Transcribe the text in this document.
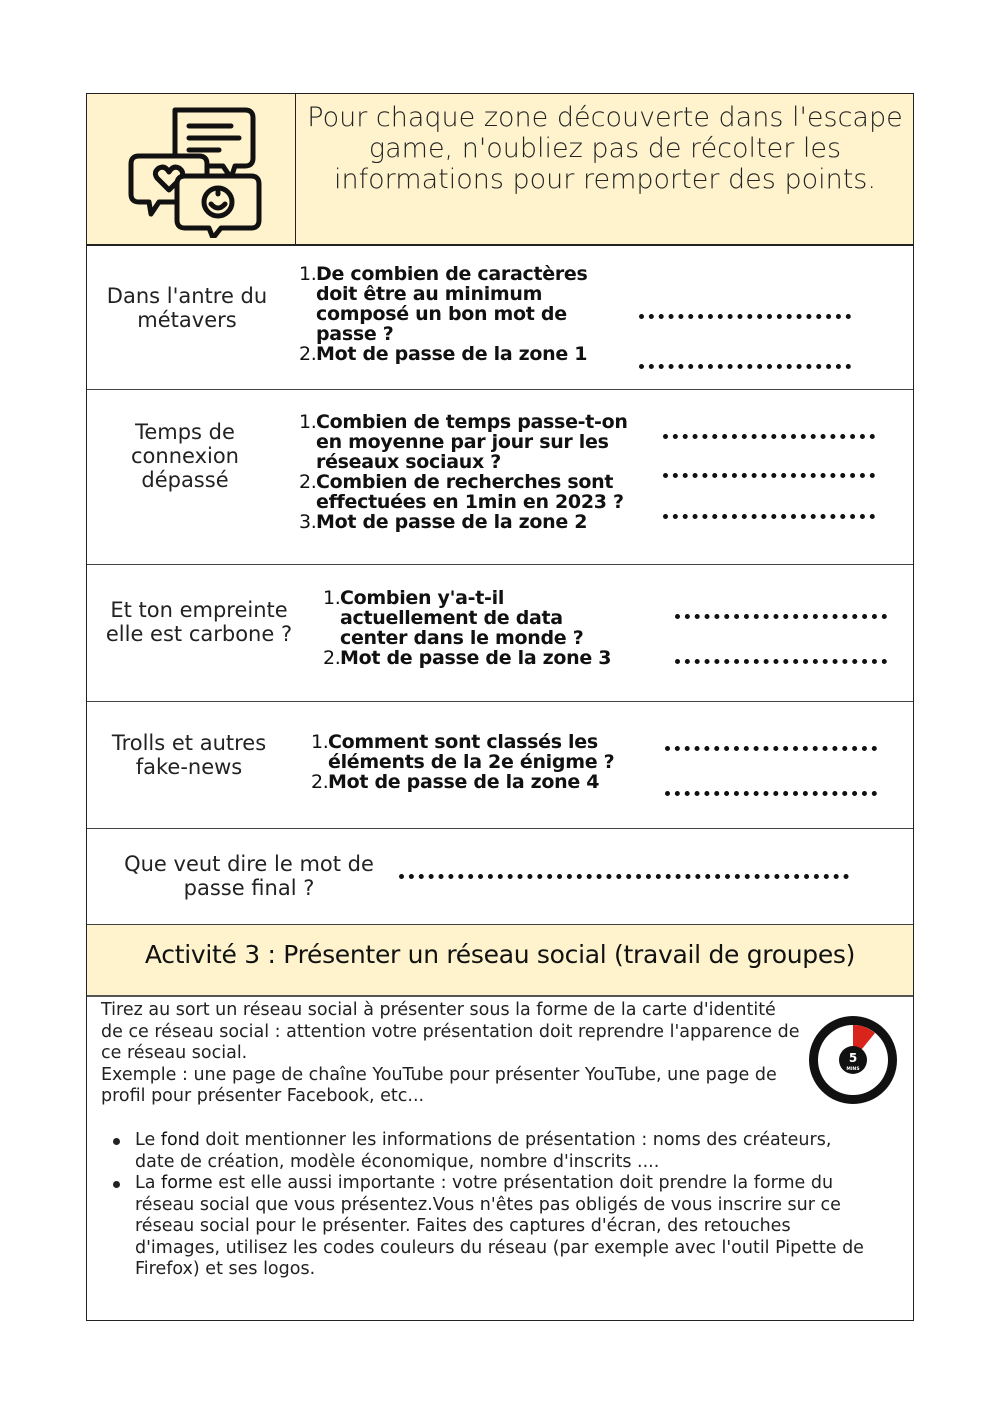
Pour chaque zone découverte dans l'escape game, n'oubliez pas de récolter les informations pour remporter des points.
Dans l'antre du métavers
1. De combien de caractères doit être au minimum composé un bon mot de passe ?
2. Mot de passe de la zone 1
Temps de connexion dépassé
1. Combien de temps passe-t-on en moyenne par jour sur les réseaux sociaux ?
2. Combien de recherches sont effectuées en 1min en 2023 ?
3. Mot de passe de la zone 2
Et ton empreinte elle est carbone ?
1. Combien y'a-t-il actuellement de data center dans le monde ?
2. Mot de passe de la zone 3
Trolls et autres fake-news
1. Comment sont classés les éléments de la 2e énigme ?
2. Mot de passe de la zone 4
Que veut dire le mot de passe final ?
Activité 3 : Présenter un réseau social (travail de groupes)
Tirez au sort un réseau social à présenter sous la forme de la carte d'identité de ce réseau social : attention votre présentation doit reprendre l'apparence de ce réseau social.
Exemple : une page de chaîne YouTube pour présenter YouTube, une page de profil pour présenter Facebook, etc...
5
MINS
Le fond doit mentionner les informations de présentation : noms des créateurs, date de création, modèle économique, nombre d'inscrits ....
La forme est elle aussi importante : votre présentation doit prendre la forme du réseau social que vous présentez.Vous n'êtes pas obligés de vous inscrire sur ce réseau social pour le présenter. Faites des captures d'écran, des retouches d'images, utilisez les codes couleurs du réseau (par exemple avec l'outil Pipette de Firefox) et ses logos.
